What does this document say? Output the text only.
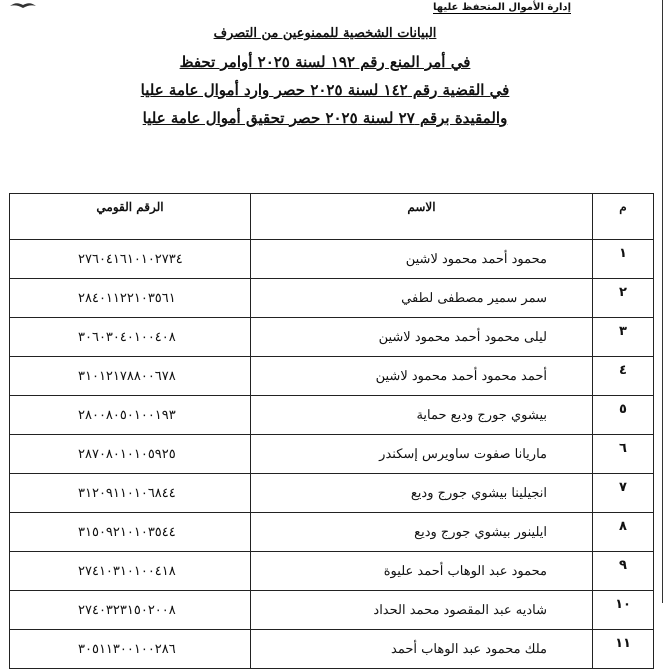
إدارة الأموال المتحفظ عليها
البيانات الشخصية للممنوعين من التصرف
في أمر المنع رقم ١٩٢ لسنة ٢٠٢٥ أوامر تحفظ
في القضية رقم ١٤٢ لسنة ٢٠٢٥ حصر وارد أموال عامة عليا
والمقيدة برقم ٢٧ لسنة ٢٠٢٥ حصر تحقيق أموال عامة عليا
م	الاسم	الرقم القومي
١	محمود أحمد محمود لاشين	٢٧٦٠٤١٦١٠١٠٢٧٣٤
٢	سمر سمير مصطفى لطفي	٢٨٤٠١١٢٢١٠٣٥٦١
٣	ليلى محمود أحمد محمود لاشين	٣٠٦٠٣٠٤٠١٠٠٤٠٨
٤	أحمد محمود أحمد محمود لاشين	٣١٠١٢١٧٨٨٠٠٦٧٨
٥	بيشوي جورج وديع حماية	٢٨٠٠٨٠٥٠١٠٠١٩٣
٦	ماريانا صفوت ساويرس إسكندر	٢٨٧٠٨٠١٠١٠٥٩٢٥
٧	انجيلينا بيشوي جورج وديع	٣١٢٠٩١١٠١٠٦٨٤٤
٨	ايلينور بيشوي جورج وديع	٣١٥٠٩٢١٠١٠٣٥٤٤
٩	محمود عبد الوهاب أحمد عليوة	٢٧٤١٠٣١٠١٠٠٤١٨
١٠	شاديه عبد المقصود محمد الحداد	٢٧٤٠٣٢٣١٥٠٢٠٠٨
١١	ملك محمود عبد الوهاب أحمد	٣٠٥١١٣٠٠١٠٠٢٨٦
